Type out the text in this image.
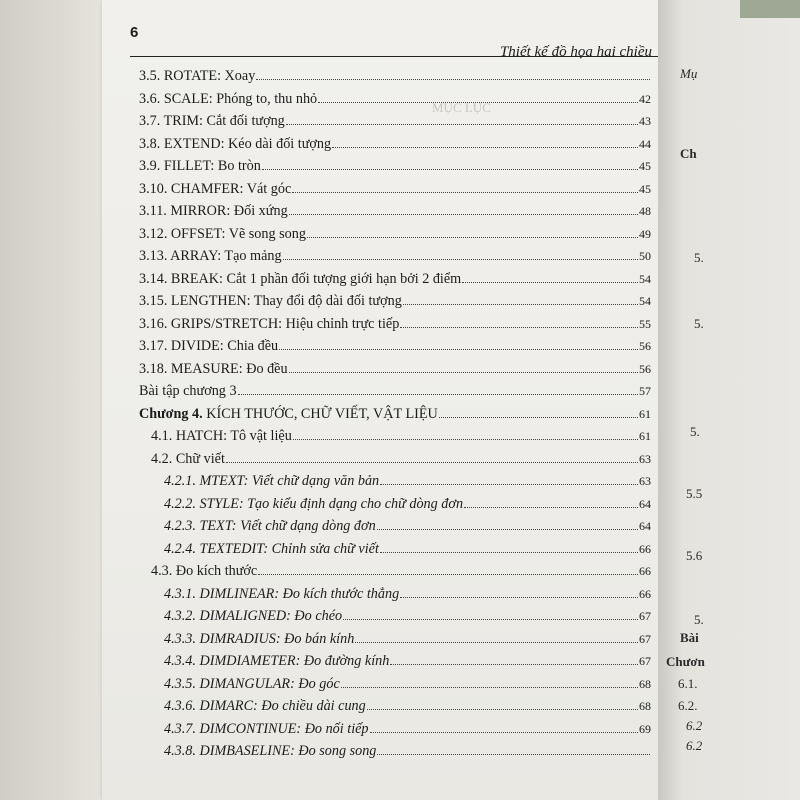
6
Thiết kế đồ họa hai chiều
MỤC LỤC
3.5. ROTATE: Xoay
3.6. SCALE: Phóng to, thu nhỏ	42
3.7. TRIM: Cắt đối tượng	43
3.8. EXTEND: Kéo dài đối tượng	44
3.9. FILLET: Bo tròn	45
3.10. CHAMFER: Vát góc	45
3.11. MIRROR: Đối xứng	48
3.12. OFFSET: Vẽ song song	49
3.13. ARRAY: Tạo mảng	50
3.14. BREAK: Cắt 1 phần đối tượng giới hạn bởi 2 điểm	54
3.15. LENGTHEN: Thay đổi độ dài đối tượng	54
3.16. GRIPS/STRETCH: Hiệu chỉnh trực tiếp	55
3.17. DIVIDE: Chia đều	56
3.18. MEASURE: Đo đều	56
Bài tập chương 3	57
Chương 4. KÍCH THƯỚC, CHỮ VIẾT, VẬT LIỆU	61
4.1. HATCH: Tô vật liệu	61
4.2. Chữ viết	63
4.2.1. MTEXT: Viết chữ dạng văn bản	63
4.2.2. STYLE: Tạo kiểu định dạng cho chữ dòng đơn	64
4.2.3. TEXT: Viết chữ dạng dòng đơn	64
4.2.4. TEXTEDIT: Chỉnh sửa chữ viết	66
4.3. Đo kích thước	66
4.3.1. DIMLINEAR: Đo kích thước thẳng	66
4.3.2. DIMALIGNED: Đo chéo	67
4.3.3. DIMRADIUS: Đo bán kính	67
4.3.4. DIMDIAMETER: Đo đường kính	67
4.3.5. DIMANGULAR: Đo góc	68
4.3.6. DIMARC: Đo chiều dài cung	68
4.3.7. DIMCONTINUE: Đo nối tiếp	69
4.3.8. DIMBASELINE: Đo song song
Mụ
Ch
5.
5.
5.
5.5
5.6
5.
Bài
Chươn
6.1.
6.2.
6.2
6.2
